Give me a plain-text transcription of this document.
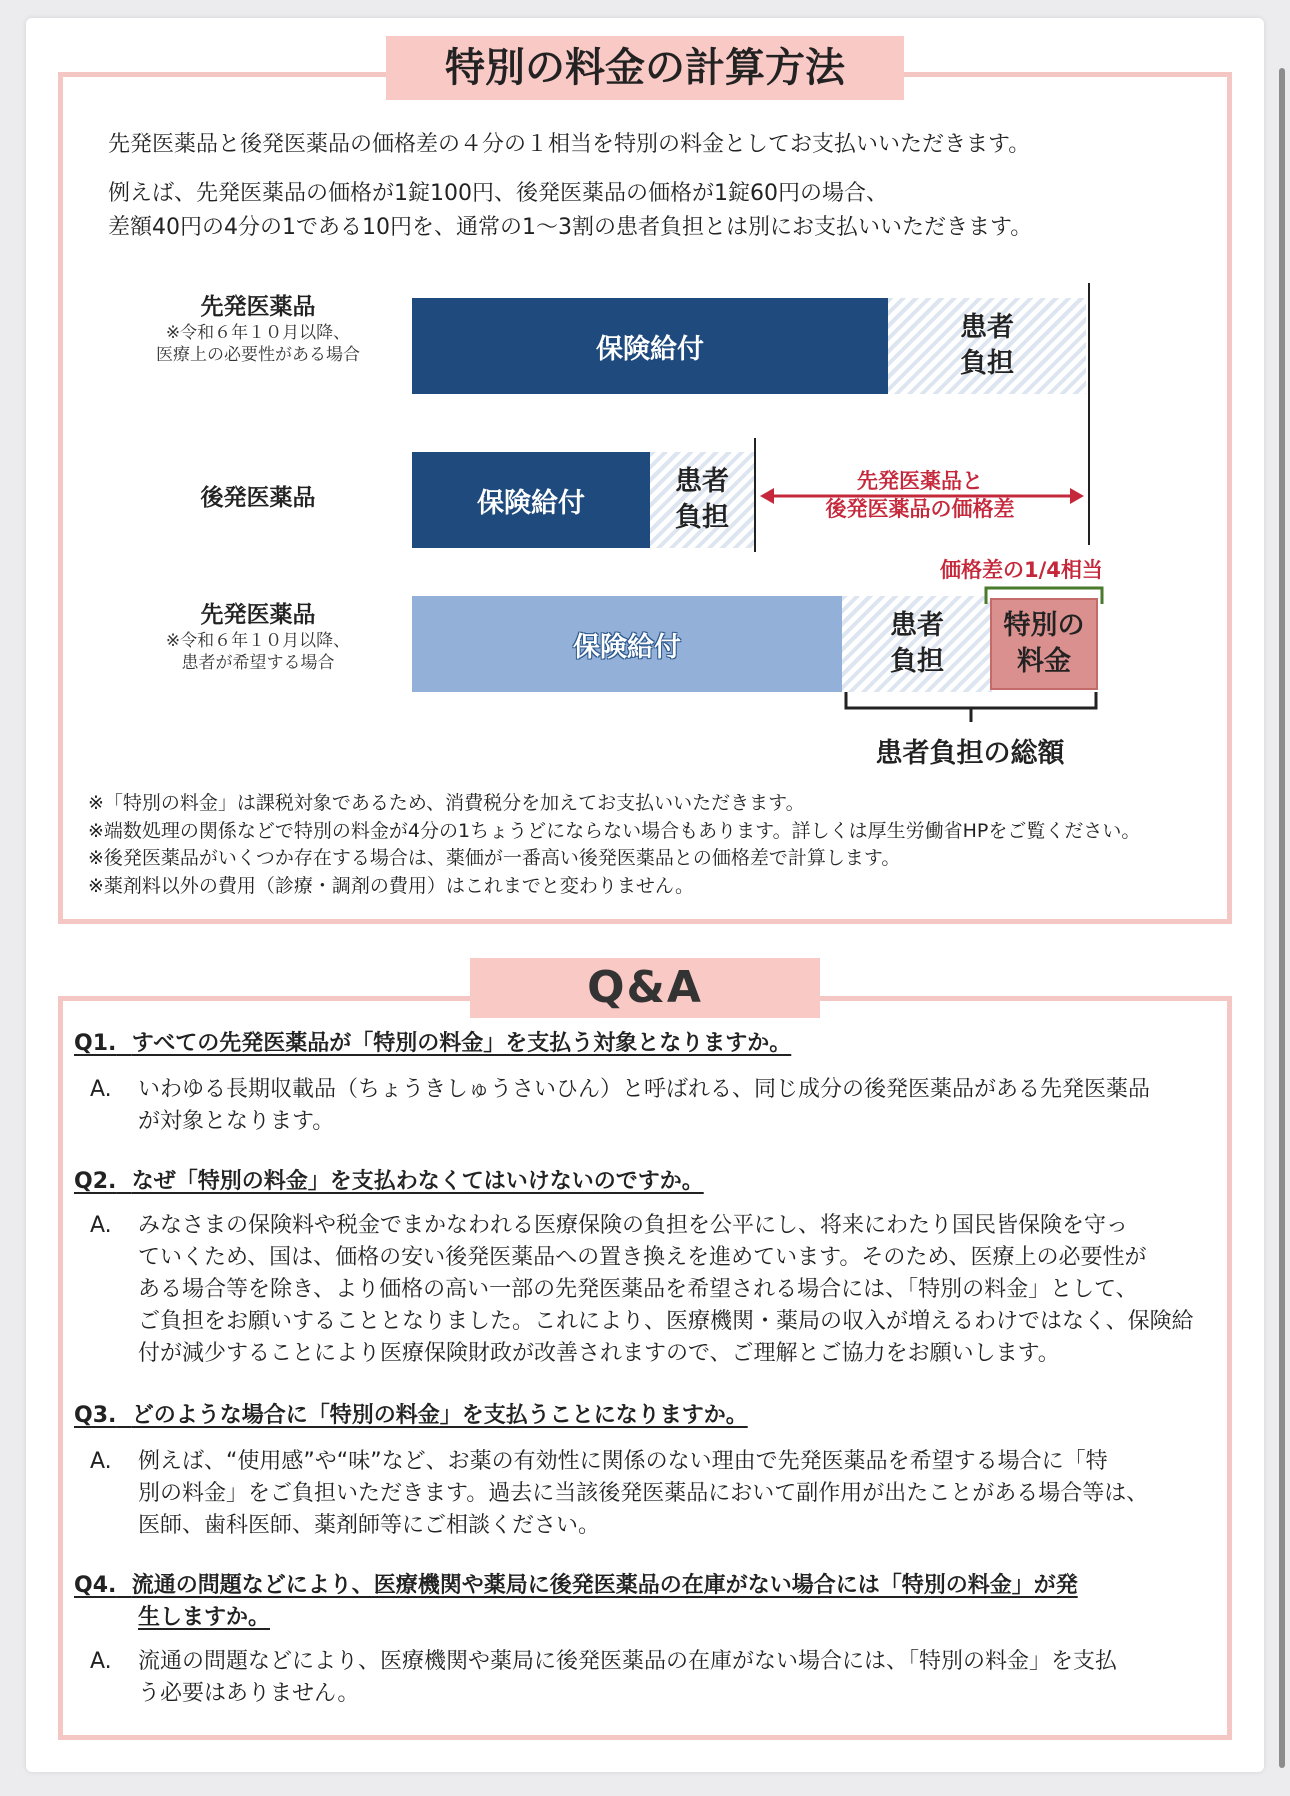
特別の料金の計算方法
先発医薬品と後発医薬品の価格差の４分の１相当を特別の料金としてお支払いいただきます。
例えば、先発医薬品の価格が1錠100円、後発医薬品の価格が1錠60円の場合、
差額40円の4分の1である10円を、通常の1～3割の患者負担とは別にお支払いいただきます。
先発医薬品
※令和６年１０月以降、
医療上の必要性がある場合	保険給付
患者
負担
後発医薬品	保険給付
患者
負担
先発医薬品
※令和６年１０月以降、
患者が希望する場合
保険給付
患者
負担
特別の
料金
先発医薬品と
後発医薬品の価格差
価格差の1/4相当
患者負担の総額
※「特別の料金」は課税対象であるため、消費税分を加えてお支払いいただきます。
※端数処理の関係などで特別の料金が4分の1ちょうどにならない場合もあります。詳しくは厚生労働省HPをご覧ください。
※後発医薬品がいくつか存在する場合は、薬価が一番高い後発医薬品との価格差で計算します。
※薬剤料以外の費用（診療・調剤の費用）はこれまでと変わりません。
Q&A
Q1. すべての先発医薬品が「特別の料金」を支払う対象となりますか。
A.	いわゆる長期収載品（ちょうきしゅうさいひん）と呼ばれる、同じ成分の後発医薬品がある先発医薬品
が対象となります。
Q2. なぜ「特別の料金」を支払わなくてはいけないのですか。
A.	みなさまの保険料や税金でまかなわれる医療保険の負担を公平にし、将来にわたり国民皆保険を守っ
ていくため、国は、価格の安い後発医薬品への置き換えを進めています。そのため、医療上の必要性が
ある場合等を除き、より価格の高い一部の先発医薬品を希望される場合には、「特別の料金」として、
ご負担をお願いすることとなりました。これにより、医療機関・薬局の収入が増えるわけではなく、保険給
付が減少することにより医療保険財政が改善されますので、ご理解とご協力をお願いします。
Q3. どのような場合に「特別の料金」を支払うことになりますか。
A.	例えば、“使用感”や“味”など、お薬の有効性に関係のない理由で先発医薬品を希望する場合に「特
別の料金」をご負担いただきます。過去に当該後発医薬品において副作用が出たことがある場合等は、
医師、歯科医師、薬剤師等にご相談ください。
Q4. 流通の問題などにより、医療機関や薬局に後発医薬品の在庫がない場合には「特別の料金」が発
生しますか。
A.	流通の問題などにより、医療機関や薬局に後発医薬品の在庫がない場合には、「特別の料金」を支払
う必要はありません。
